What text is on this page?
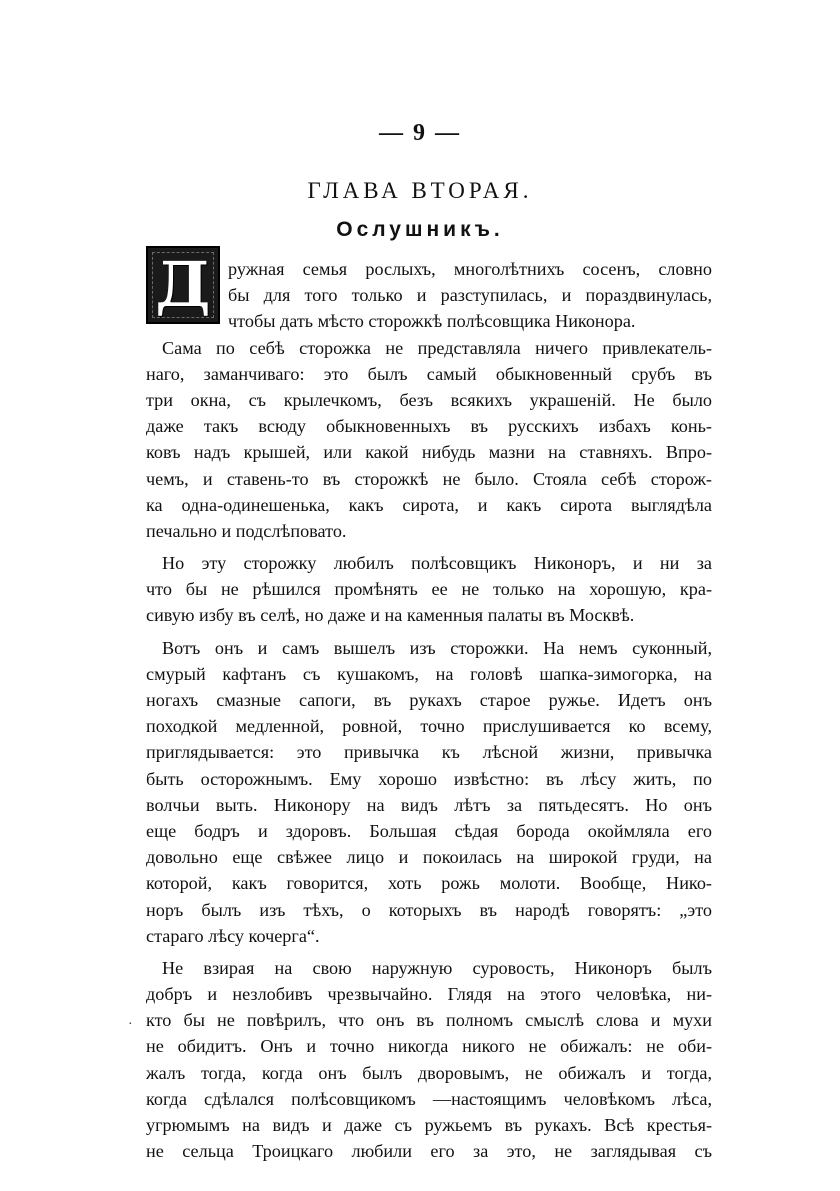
— 9 —
ГЛАВА ВТОРАЯ.
Ослушникъ.
Д ружная семья рослыхъ, многолѣтнихъ сосенъ, словно
бы для того только и разступилась, и пораздвинулась,
чтобы дать мѣсто сторожкѣ полѣсовщика Никонора.
Сама по себѣ сторожка не представляла ничего привлекатель-
наго, заманчиваго: это былъ самый обыкновенный срубъ въ
три окна, съ крылечкомъ, безъ всякихъ украшеній. Не было
даже такъ всюду обыкновенныхъ въ русскихъ избахъ конь-
ковъ надъ крышей, или какой нибудь мазни на ставняхъ. Впро-
чемъ, и ставень-то въ сторожкѣ не было. Стояла себѣ сторож-
ка одна-одинешенька, какъ сирота, и какъ сирота выглядѣла
печально и подслѣповато.
Но эту сторожку любилъ полѣсовщикъ Никоноръ, и ни за
что бы не рѣшился промѣнять ее не только на хорошую, кра-
сивую избу въ селѣ, но даже и на каменныя палаты въ Москвѣ.
Вотъ онъ и самъ вышелъ изъ сторожки. На немъ суконный,
смурый кафтанъ съ кушакомъ, на головѣ шапка-зимогорка, на
ногахъ смазные сапоги, въ рукахъ старое ружье. Идетъ онъ
походкой медленной, ровной, точно прислушивается ко всему,
приглядывается: это привычка къ лѣсной жизни, привычка
быть осторожнымъ. Ему хорошо извѣстно: въ лѣсу жить, по
волчьи выть. Никонору на видъ лѣтъ за пятьдесятъ. Но онъ
еще бодръ и здоровъ. Большая сѣдая борода окоймляла его
довольно еще свѣжее лицо и покоилась на широкой груди, на
которой, какъ говорится, хоть рожь молоти. Вообще, Нико-
норъ былъ изъ тѣхъ, о которыхъ въ народѣ говорятъ: „это
стараго лѣсу кочерга“.
Не взирая на свою наружную суровость, Никоноръ былъ
добръ и незлобивъ чрезвычайно. Глядя на этого человѣка, ни-
кто бы не повѣрилъ, что онъ въ полномъ смыслѣ слова и мухи
не обидитъ. Онъ и точно никогда никого не обижалъ: не оби-
жалъ тогда, когда онъ былъ дворовымъ, не обижалъ и тогда,
когда сдѣлался полѣсовщикомъ —настоящимъ человѣкомъ лѣса,
угрюмымъ на видъ и даже съ ружьемъ въ рукахъ. Всѣ крестья-
не сельца Троицкаго любили его за это, не заглядывая съ
·
